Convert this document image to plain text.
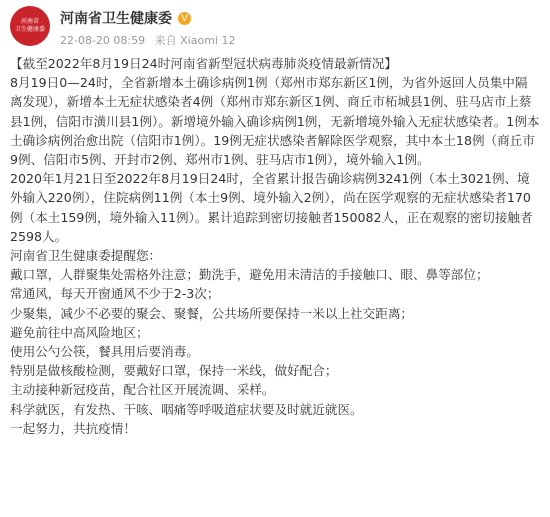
河南省
卫生健康委
河南省卫生健康委 V
22-08-20 08:59 来自 Xiaomi 12

【截至2022年8月19日24时河南省新型冠状病毒肺炎疫情最新情况】

8月19日0—24时，全省新增本土确诊病例1例（郑州市郑东新区1例，为省外返回人员集中隔离发现），新增本土无症状感染者4例（郑州市郑东新区1例、商丘市柘城县1例、驻马店市上蔡县1例，信阳市潢川县1例）。新增境外输入确诊病例1例，无新增境外输入无症状感染者。1例本土确诊病例治愈出院（信阳市1例）。19例无症状感染者解除医学观察，其中本土18例（商丘市9例、信阳市5例、开封市2例、郑州市1例、驻马店市1例），境外输入1例。

2020年1月21日至2022年8月19日24时，全省累计报告确诊病例3241例（本土3021例、境外输入220例），住院病例11例（本土9例、境外输入2例），尚在医学观察的无症状感染者170例（本土159例，境外输入11例）。累计追踪到密切接触者150082人，正在观察的密切接触者2598人。

河南省卫生健康委提醒您：

戴口罩，人群聚集处需格外注意；勤洗手，避免用未清洁的手接触口、眼、鼻等部位；

常通风，每天开窗通风不少于2-3次；

少聚集，减少不必要的聚会、聚餐，公共场所要保持一米以上社交距离；

避免前往中高风险地区；

使用公勺公筷，餐具用后要消毒。

特别是做核酸检测，要戴好口罩，保持一米线，做好配合；

主动接种新冠疫苗，配合社区开展流调、采样。

科学就医，有发热、干咳、咽痛等呼吸道症状要及时就近就医。

一起努力，共抗疫情！
